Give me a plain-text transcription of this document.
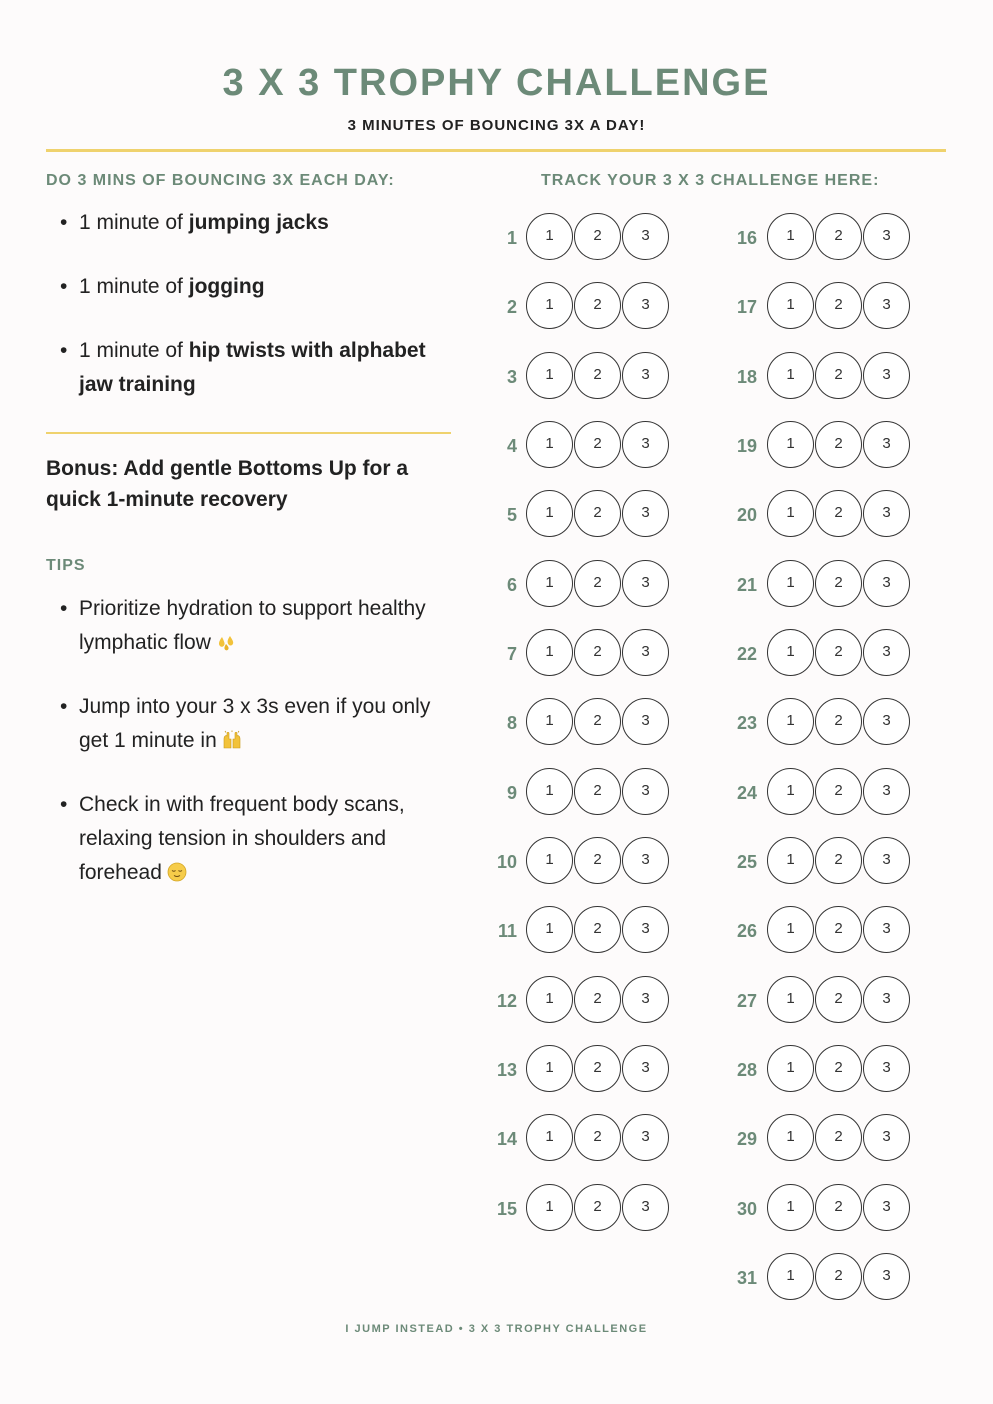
3 X 3 TROPHY CHALLENGE
3 MINUTES OF BOUNCING 3X A DAY!
DO 3 MINS OF BOUNCING 3X EACH DAY:
• 1 minute of jumping jacks
• 1 minute of jogging
• 1 minute of hip twists with alphabet jaw training
Bonus: Add gentle Bottoms Up for a quick 1-minute recovery
TIPS
• Prioritize hydration to support healthy lymphatic flow
• Jump into your 3 x 3s even if you only get 1 minute in
• Check in with frequent body scans, relaxing tension in shoulders and forehead
TRACK YOUR 3 X 3 CHALLENGE HERE:
1	1	2	3
2	1	2	3
3	1	2	3
4	1	2	3
5	1	2	3
6	1	2	3
7	1	2	3
8	1	2	3
9	1	2	3
10	1	2	3
11	1	2	3
12	1	2	3
13	1	2	3
14	1	2	3
15	1	2	3
16	1	2	3
17	1	2	3
18	1	2	3
19	1	2	3
20	1	2	3
21	1	2	3
22	1	2	3
23	1	2	3
24	1	2	3
25	1	2	3
26	1	2	3
27	1	2	3
28	1	2	3
29	1	2	3
30	1	2	3
31	1	2	3
I JUMP INSTEAD • 3 X 3 TROPHY CHALLENGE
